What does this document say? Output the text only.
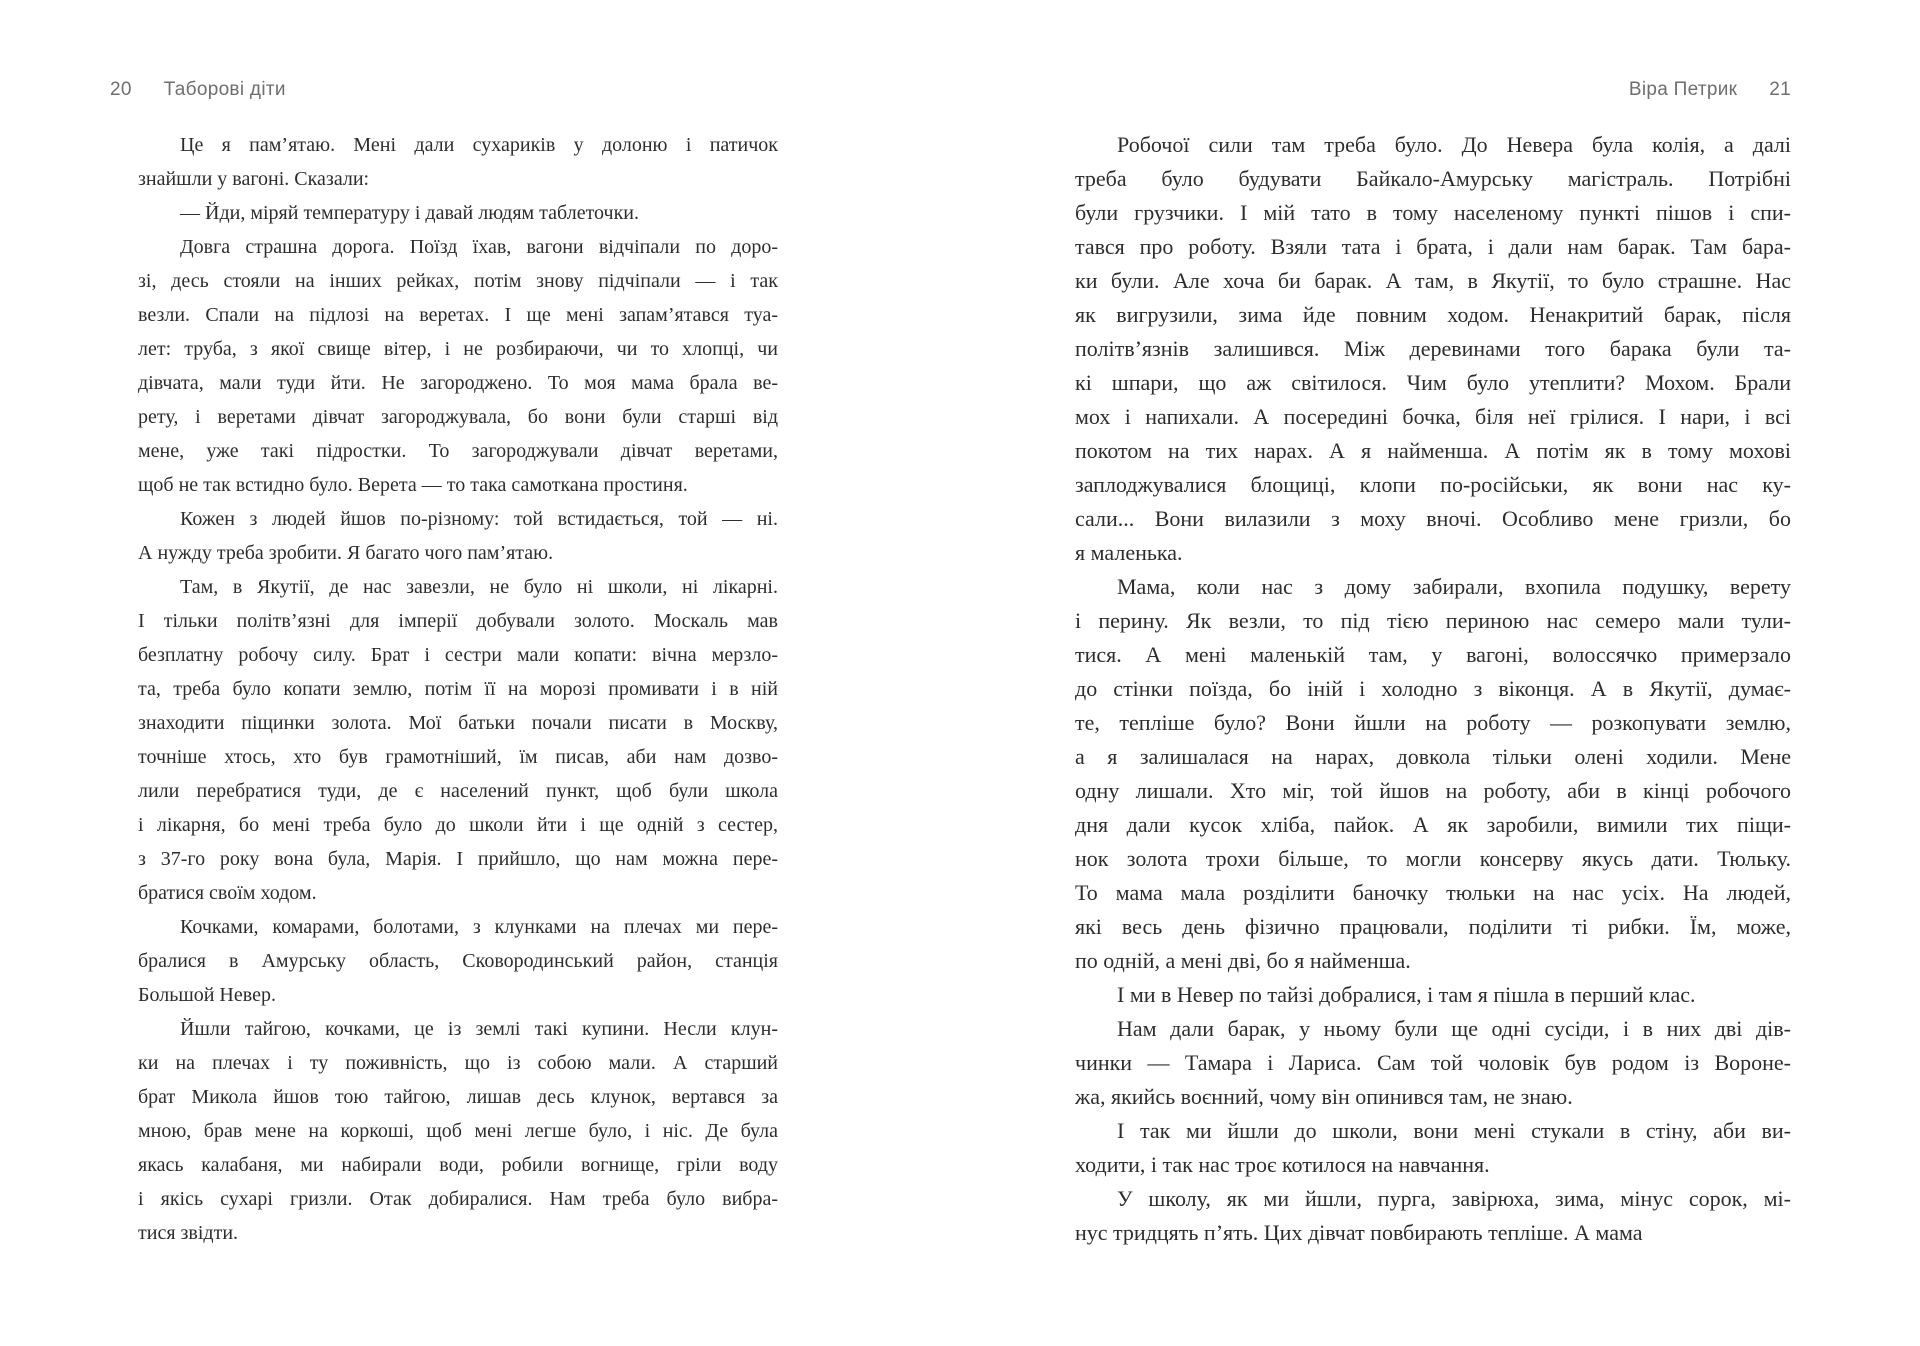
20 Таборові діти	Віра Петрик 21
Це я пам’ятаю. Мені дали сухариків у долоню і патичок
знайшли у вагоні. Сказали:
— Йди, міряй температуру і давай людям таблеточки.
Довга страшна дорога. Поїзд їхав, вагони відчіпали по доро-
зі, десь стояли на інших рейках, потім знову підчіпали — і так
везли. Спали на підлозі на веретах. І ще мені запам’ятався туа-
лет: труба, з якої свище вітер, і не розбираючи, чи то хлопці, чи
дівчата, мали туди йти. Не загороджено. То моя мама брала ве-
рету, і веретами дівчат загороджувала, бо вони були старші від
мене, уже такі підростки. То загороджували дівчат веретами,
щоб не так встидно було. Верета — то така самоткана простиня.
Кожен з людей йшов по-різному: той встидається, той — ні.
А нужду треба зробити. Я багато чого пам’ятаю.
Там, в Якутії, де нас завезли, не було ні школи, ні лікарні.
І тільки політв’язні для імперії добували золото. Москаль мав
безплатну робочу силу. Брат і сестри мали копати: вічна мерзло-
та, треба було копати землю, потім її на морозі промивати і в ній
знаходити піщинки золота. Мої батьки почали писати в Москву,
точніше хтось, хто був грамотніший, їм писав, аби нам дозво-
лили перебратися туди, де є населений пункт, щоб були школа
і лікарня, бо мені треба було до школи йти і ще одній з сестер,
з 37-го року вона була, Марія. І прийшло, що нам можна пере-
братися своїм ходом.
Кочками, комарами, болотами, з клунками на плечах ми пере-
бралися в Амурську область, Сковородинський район, станція
Большой Невер.
Йшли тайгою, кочками, це із землі такі купини. Несли клун-
ки на плечах і ту поживність, що із собою мали. А старший
брат Микола йшов тою тайгою, лишав десь клунок, вертався за
мною, брав мене на коркоші, щоб мені легше було, і ніс. Де була
якась калабаня, ми набирали води, робили вогнище, гріли воду
і якісь сухарі гризли. Отак добиралися. Нам треба було вибра-
тися звідти.
Робочої сили там треба було. До Невера була колія, а далі
треба було будувати Байкало-Амурську магістраль. Потрібні
були грузчики. І мій тато в тому населеному пункті пішов і спи-
тався про роботу. Взяли тата і брата, і дали нам барак. Там бара-
ки були. Але хоча би барак. А там, в Якутії, то було страшне. Нас
як вигрузили, зима йде повним ходом. Ненакритий барак, після
політв’язнів залишився. Між деревинами того барака були та-
кі шпари, що аж світилося. Чим було утеплити? Мохом. Брали
мох і напихали. А посередині бочка, біля неї грілися. І нари, і всі
покотом на тих нарах. А я найменша. А потім як в тому мохові
заплоджувалися блощиці, клопи по-російськи, як вони нас ку-
сали... Вони вилазили з моху вночі. Особливо мене гризли, бо
я маленька.
Мама, коли нас з дому забирали, вхопила подушку, верету
і перину. Як везли, то під тією периною нас семеро мали тули-
тися. А мені маленькій там, у вагоні, волоссячко примерзало
до стінки поїзда, бо іній і холодно з віконця. А в Якутії, думає-
те, тепліше було? Вони йшли на роботу — розкопувати землю,
а я залишалася на нарах, довкола тільки олені ходили. Мене
одну лишали. Хто міг, той йшов на роботу, аби в кінці робочого
дня дали кусок хліба, пайок. А як заробили, вимили тих піщи-
нок золота трохи більше, то могли консерву якусь дати. Тюльку.
То мама мала розділити баночку тюльки на нас усіх. На людей,
які весь день фізично працювали, поділити ті рибки. Їм, може,
по одній, а мені дві, бо я найменша.
І ми в Невер по тайзі добралися, і там я пішла в перший клас.
Нам дали барак, у ньому були ще одні сусіди, і в них дві дів-
чинки — Тамара і Лариса. Сам той чоловік був родом із Вороне-
жа, якийсь воєнний, чому він опинився там, не знаю.
І так ми йшли до школи, вони мені стукали в стіну, аби ви-
ходити, і так нас троє котилося на навчання.
У школу, як ми йшли, пурга, завірюха, зима, мінус сорок, мі-
нус тридцять п’ять. Цих дівчат повбирають тепліше. А мама
